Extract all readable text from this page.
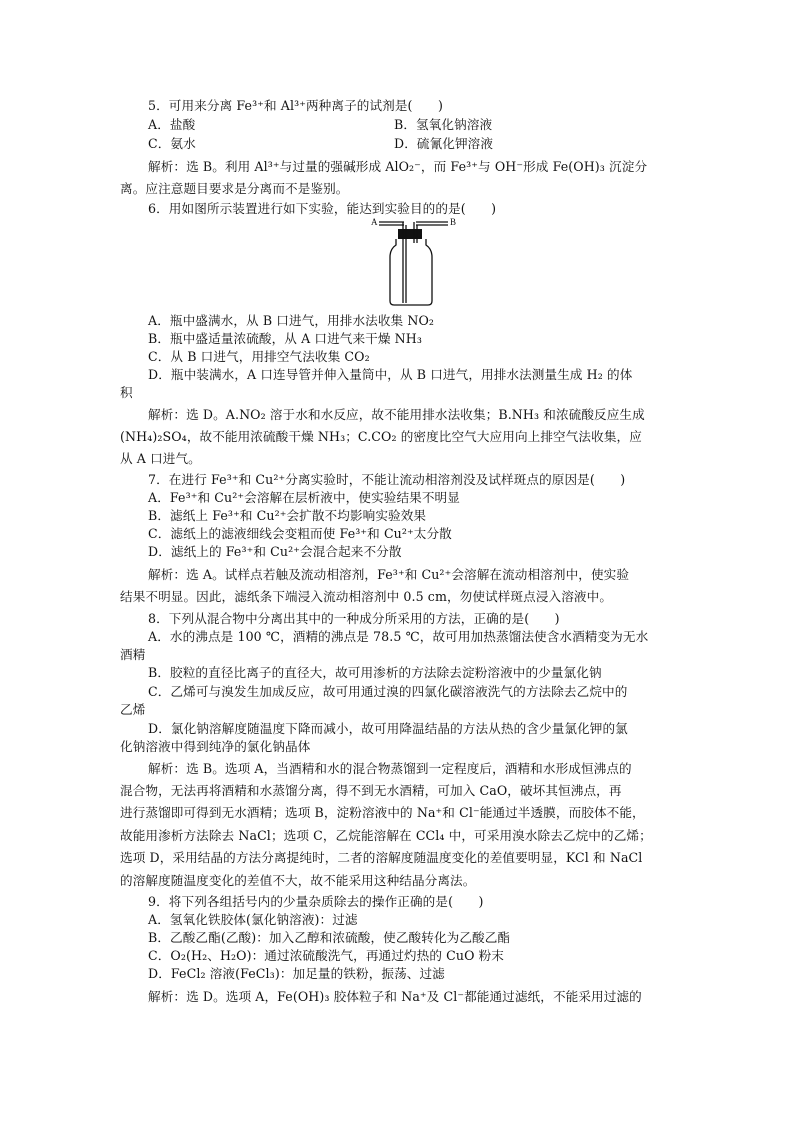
5．可用来分离 Fe³⁺和 Al³⁺两种离子的试剂是(　　)
A．盐酸	B．氢氧化钠溶液
C．氨水	D．硫氰化钾溶液
解析：选 B。利用 Al³⁺与过量的强碱形成 AlO₂⁻，而 Fe³⁺与 OH⁻形成 Fe(OH)₃ 沉淀分
离。应注意题目要求是分离而不是鉴别。
6．用如图所示装置进行如下实验，能达到实验目的的是(　　)
A	B
A．瓶中盛满水，从 B 口进气，用排水法收集 NO₂
B．瓶中盛适量浓硫酸，从 A 口进气来干燥 NH₃
C．从 B 口进气，用排空气法收集 CO₂
D．瓶中装满水，A 口连导管并伸入量筒中，从 B 口进气，用排水法测量生成 H₂ 的体
积
解析：选 D。A.NO₂ 溶于水和水反应，故不能用排水法收集；B.NH₃ 和浓硫酸反应生成
(NH₄)₂SO₄，故不能用浓硫酸干燥 NH₃；C.CO₂ 的密度比空气大应用向上排空气法收集，应
从 A 口进气。
7．在进行 Fe³⁺和 Cu²⁺分离实验时，不能让流动相溶剂没及试样斑点的原因是(　　)
A．Fe³⁺和 Cu²⁺会溶解在层析液中，使实验结果不明显
B．滤纸上 Fe³⁺和 Cu²⁺会扩散不均影响实验效果
C．滤纸上的滤液细线会变粗而使 Fe³⁺和 Cu²⁺太分散
D．滤纸上的 Fe³⁺和 Cu²⁺会混合起来不分散
解析：选 A。试样点若触及流动相溶剂，Fe³⁺和 Cu²⁺会溶解在流动相溶剂中，使实验
结果不明显。因此，滤纸条下端浸入流动相溶剂中 0.5 cm，勿使试样斑点浸入溶液中。
8．下列从混合物中分离出其中的一种成分所采用的方法，正确的是(　　)
A．水的沸点是 100 ℃，酒精的沸点是 78.5 ℃，故可用加热蒸馏法使含水酒精变为无水
酒精
B．胶粒的直径比离子的直径大，故可用渗析的方法除去淀粉溶液中的少量氯化钠
C．乙烯可与溴发生加成反应，故可用通过溴的四氯化碳溶液洗气的方法除去乙烷中的
乙烯
D．氯化钠溶解度随温度下降而减小，故可用降温结晶的方法从热的含少量氯化钾的氯
化钠溶液中得到纯净的氯化钠晶体
解析：选 B。选项 A，当酒精和水的混合物蒸馏到一定程度后，酒精和水形成恒沸点的
混合物，无法再将酒精和水蒸馏分离，得不到无水酒精，可加入 CaO，破坏其恒沸点，再
进行蒸馏即可得到无水酒精；选项 B，淀粉溶液中的 Na⁺和 Cl⁻能通过半透膜，而胶体不能，
故能用渗析方法除去 NaCl；选项 C，乙烷能溶解在 CCl₄ 中，可采用溴水除去乙烷中的乙烯；
选项 D，采用结晶的方法分离提纯时，二者的溶解度随温度变化的差值要明显，KCl 和 NaCl
的溶解度随温度变化的差值不大，故不能采用这种结晶分离法。
9．将下列各组括号内的少量杂质除去的操作正确的是(　　)
A．氢氧化铁胶体(氯化钠溶液)：过滤
B．乙酸乙酯(乙酸)：加入乙醇和浓硫酸，使乙酸转化为乙酸乙酯
C．O₂(H₂、H₂O)：通过浓硫酸洗气，再通过灼热的 CuO 粉末
D．FeCl₂ 溶液(FeCl₃)：加足量的铁粉，振荡、过滤
解析：选 D。选项 A，Fe(OH)₃ 胶体粒子和 Na⁺及 Cl⁻都能通过滤纸，不能采用过滤的
